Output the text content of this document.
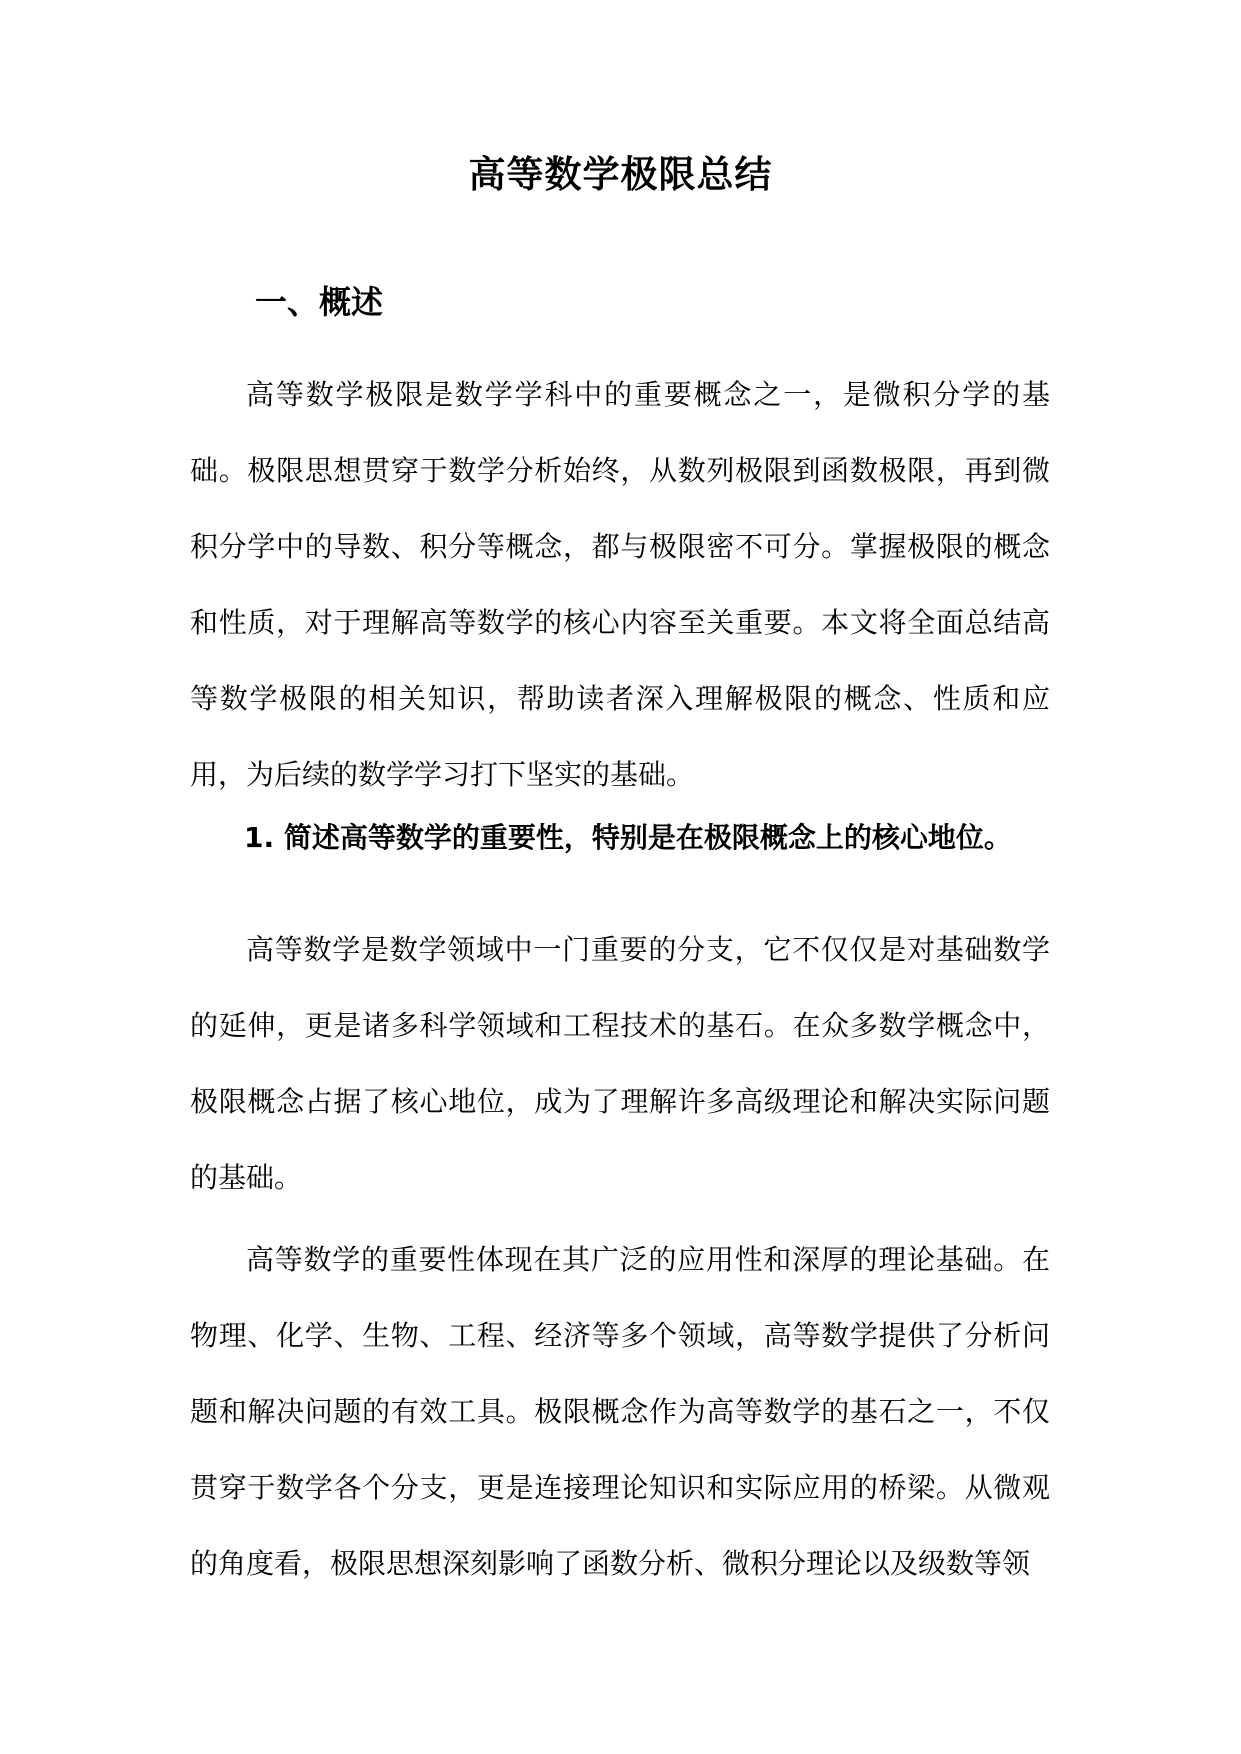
高等数学极限总结
一、概述
高等数学极限是数学学科中的重要概念之一，是微积分学的基础。极限思想贯穿于数学分析始终，从数列极限到函数极限，再到微积分学中的导数、积分等概念，都与极限密不可分。掌握极限的概念和性质，对于理解高等数学的核心内容至关重要。本文将全面总结高等数学极限的相关知识，帮助读者深入理解极限的概念、性质和应用，为后续的数学学习打下坚实的基础。
1. 简述高等数学的重要性，特别是在极限概念上的核心地位。
高等数学是数学领域中一门重要的分支，它不仅仅是对基础数学的延伸，更是诸多科学领域和工程技术的基石。在众多数学概念中，极限概念占据了核心地位，成为了理解许多高级理论和解决实际问题的基础。
高等数学的重要性体现在其广泛的应用性和深厚的理论基础。在物理、化学、生物、工程、经济等多个领域，高等数学提供了分析问题和解决问题的有效工具。极限概念作为高等数学的基石之一，不仅贯穿于数学各个分支，更是连接理论知识和实际应用的桥梁。从微观的角度看，极限思想深刻影响了函数分析、微积分理论以及级数等领
